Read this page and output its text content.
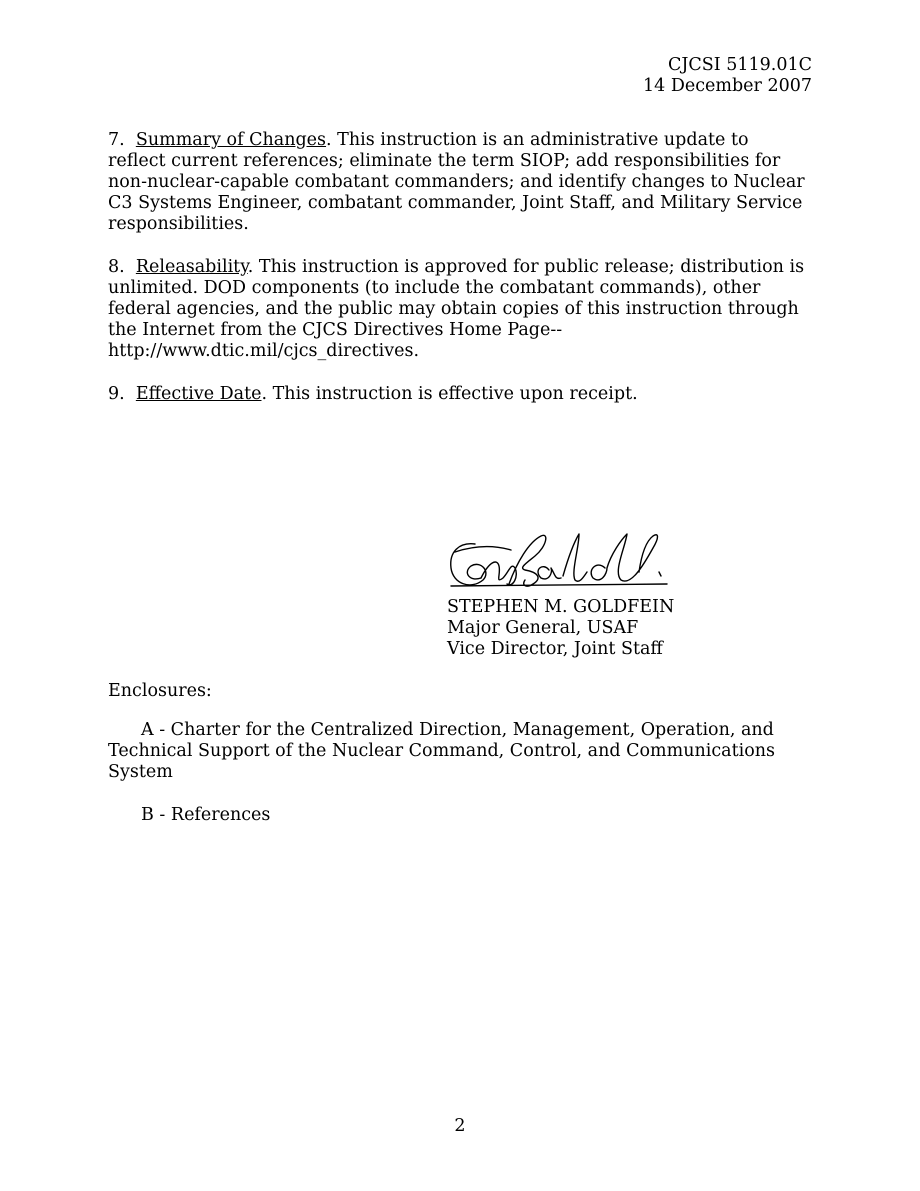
CJCSI 5119.01C
14 December 2007
7. Summary of Changes. This instruction is an administrative update to
reflect current references; eliminate the term SIOP; add responsibilities for
non-nuclear-capable combatant commanders; and identify changes to Nuclear
C3 Systems Engineer, combatant commander, Joint Staff, and Military Service
responsibilities.
8. Releasability. This instruction is approved for public release; distribution is
unlimited. DOD components (to include the combatant commands), other
federal agencies, and the public may obtain copies of this instruction through
the Internet from the CJCS Directives Home Page--
http://www.dtic.mil/cjcs_directives.
9. Effective Date. This instruction is effective upon receipt.
STEPHEN M. GOLDFEIN
Major General, USAF
Vice Director, Joint Staff
Enclosures:
A - Charter for the Centralized Direction, Management, Operation, and
Technical Support of the Nuclear Command, Control, and Communications
System
B - References
2
